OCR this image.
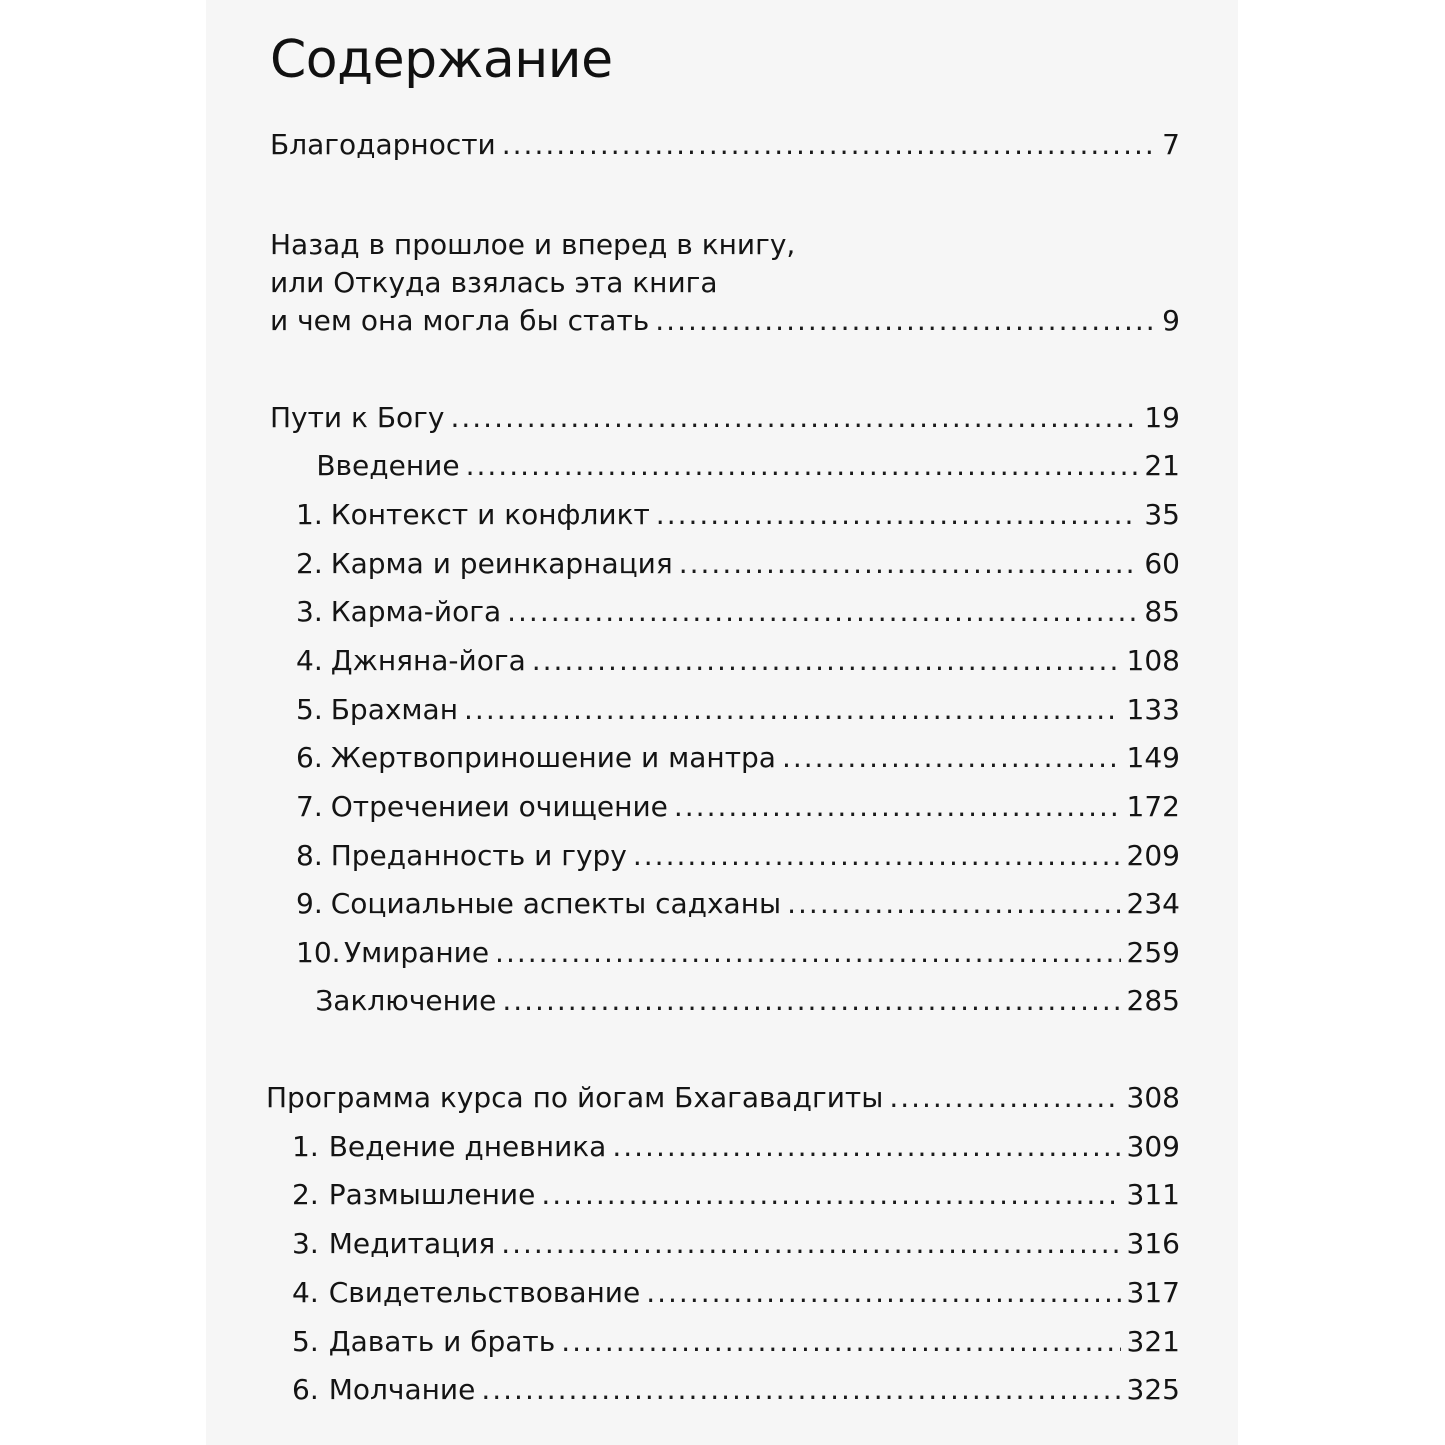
Содержание
Благодарности .....	7
Назад в прошлое и вперед в книгу,
или Откуда взялась эта книга
и чем она могла бы стать .....	9
Пути к Богу .....	19
Введение .....	21
1. Контекст и конфликт .....	35
2. Карма и реинкарнация .....	60
3. Карма-йога .....	85
4. Джняна-йога .....	108
5. Брахман .....	133
6. Жертвоприношение и мантра .....	149
7. Отречениеи очищение .....	172
8. Преданность и гуру .....	209
9. Социальные аспекты садханы .....	234
10. Умирание .....	259
Заключение .....	285
Программа курса по йогам Бхагавадгиты .....	308
1. Ведение дневника .....	309
2. Размышление .....	311
3. Медитация .....	316
4. Свидетельствование .....	317
5. Давать и брать .....	321
6. Молчание .....	325
